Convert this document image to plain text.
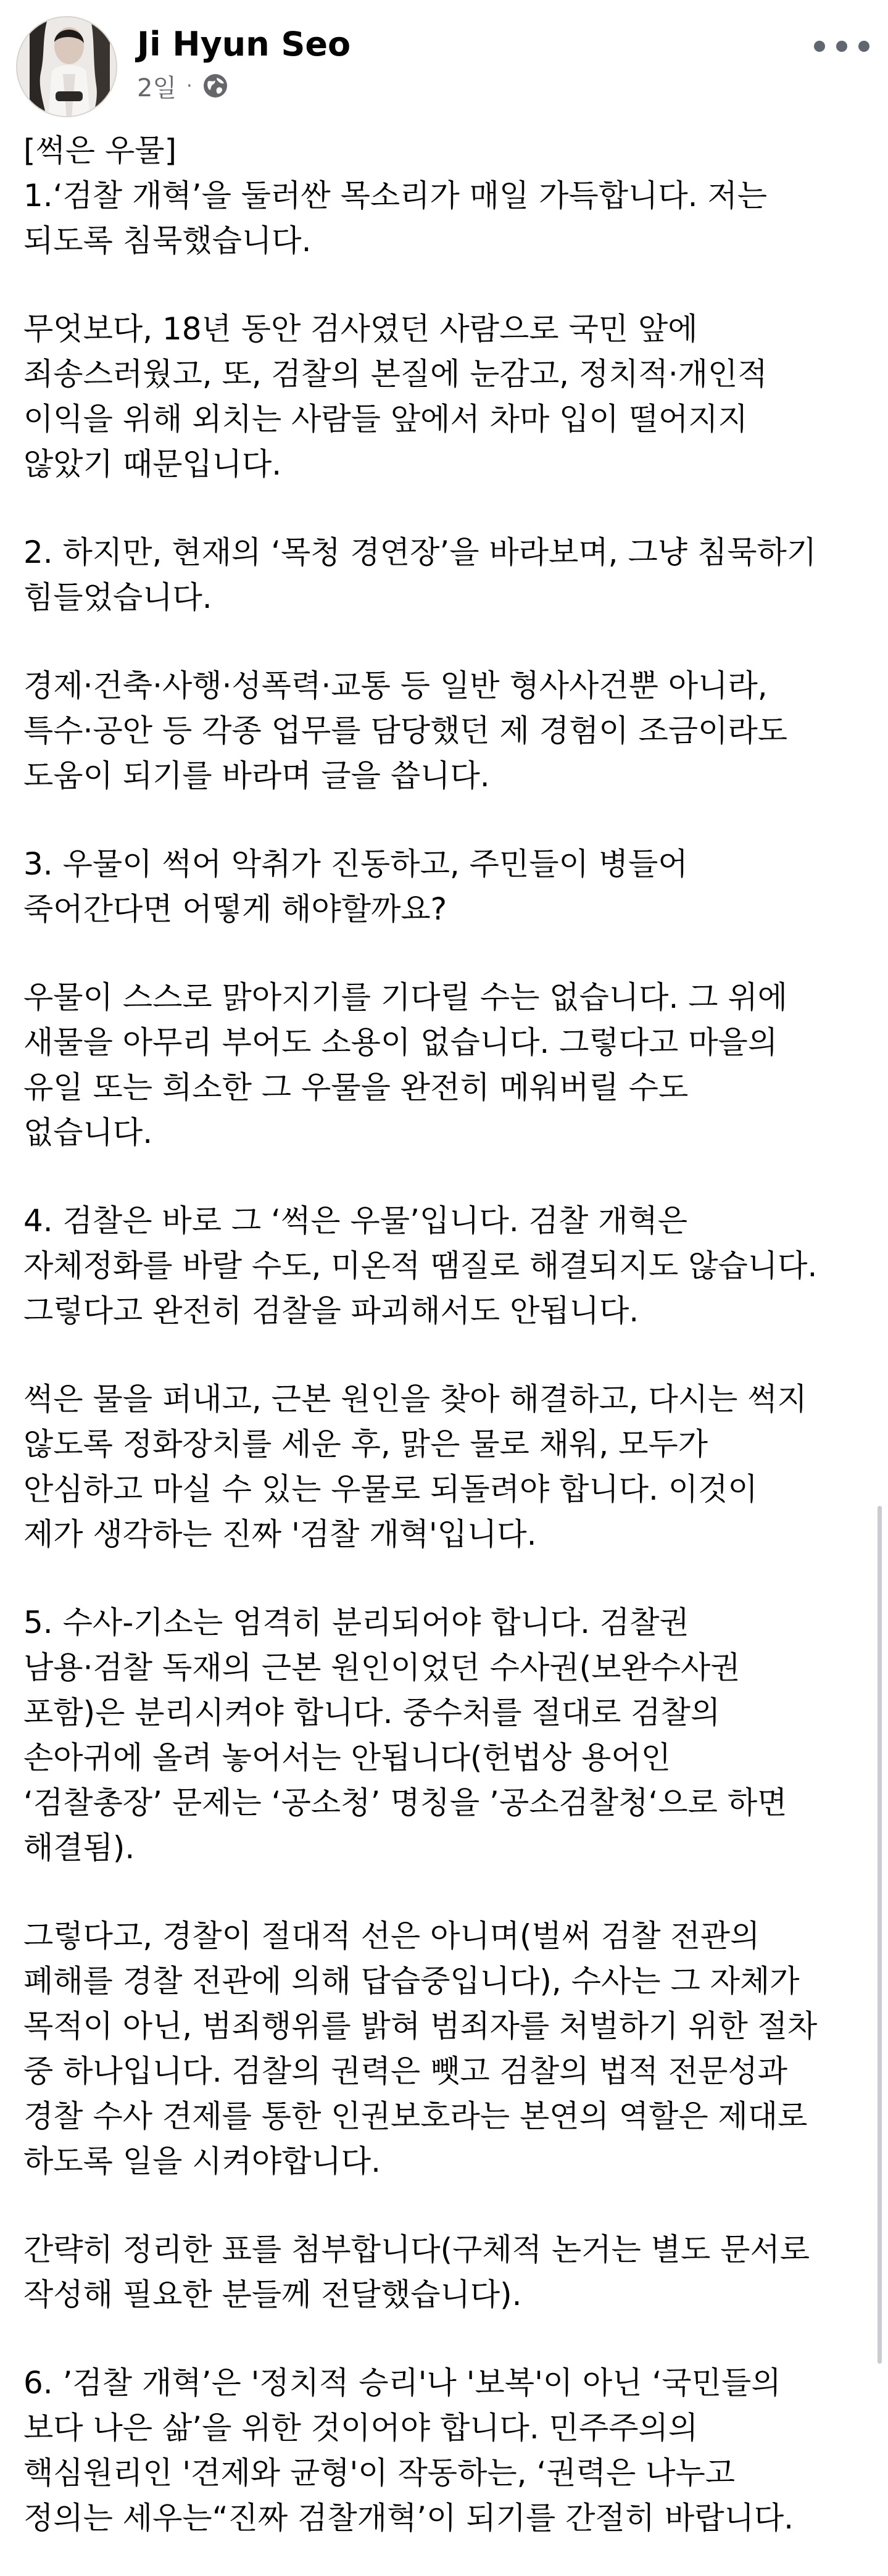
Ji Hyun Seo
2일 ·

[썩은 우물]
1.‘검찰 개혁’을 둘러싼 목소리가 매일 가득합니다. 저는
되도록 침묵했습니다.

무엇보다, 18년 동안 검사였던 사람으로 국민 앞에
죄송스러웠고, 또, 검찰의 본질에 눈감고, 정치적·개인적
이익을 위해 외치는 사람들 앞에서 차마 입이 떨어지지
않았기 때문입니다.

2. 하지만, 현재의 ‘목청 경연장’을 바라보며, 그냥 침묵하기
힘들었습니다.

경제·건축·사행·성폭력·교통 등 일반 형사사건뿐 아니라,
특수·공안 등 각종 업무를 담당했던 제 경험이 조금이라도
도움이 되기를 바라며 글을 씁니다.

3. 우물이 썩어 악취가 진동하고, 주민들이 병들어
죽어간다면 어떻게 해야할까요?

우물이 스스로 맑아지기를 기다릴 수는 없습니다. 그 위에
새물을 아무리 부어도 소용이 없습니다. 그렇다고 마을의
유일 또는 희소한 그 우물을 완전히 메워버릴 수도
없습니다.

4. 검찰은 바로 그 ‘썩은 우물’입니다. 검찰 개혁은
자체정화를 바랄 수도, 미온적 땜질로 해결되지도 않습니다.
그렇다고 완전히 검찰을 파괴해서도 안됩니다.

썩은 물을 퍼내고, 근본 원인을 찾아 해결하고, 다시는 썩지
않도록 정화장치를 세운 후, 맑은 물로 채워, 모두가
안심하고 마실 수 있는 우물로 되돌려야 합니다. 이것이
제가 생각하는 진짜 '검찰 개혁'입니다.

5. 수사-기소는 엄격히 분리되어야 합니다. 검찰권
남용·검찰 독재의 근본 원인이었던 수사권(보완수사권
포함)은 분리시켜야 합니다. 중수처를 절대로 검찰의
손아귀에 올려 놓어서는 안됩니다(헌법상 용어인
‘검찰총장’ 문제는 ‘공소청’ 명칭을 ’공소검찰청‘으로 하면
해결됨).

그렇다고, 경찰이 절대적 선은 아니며(벌써 검찰 전관의
폐해를 경찰 전관에 의해 답습중입니다), 수사는 그 자체가
목적이 아닌, 범죄행위를 밝혀 범죄자를 처벌하기 위한 절차
중 하나입니다. 검찰의 권력은 뺏고 검찰의 법적 전문성과
경찰 수사 견제를 통한 인권보호라는 본연의 역할은 제대로
하도록 일을 시켜야합니다.

간략히 정리한 표를 첨부합니다(구체적 논거는 별도 문서로
작성해 필요한 분들께 전달했습니다).

6. ’검찰 개혁’은 '정치적 승리'나 '보복'이 아닌 ‘국민들의
보다 나은 삶’을 위한 것이어야 합니다. 민주주의의
핵심원리인 '견제와 균형'이 작동하는, ‘권력은 나누고
정의는 세우는“진짜 검찰개혁’이 되기를 간절히 바랍니다.
